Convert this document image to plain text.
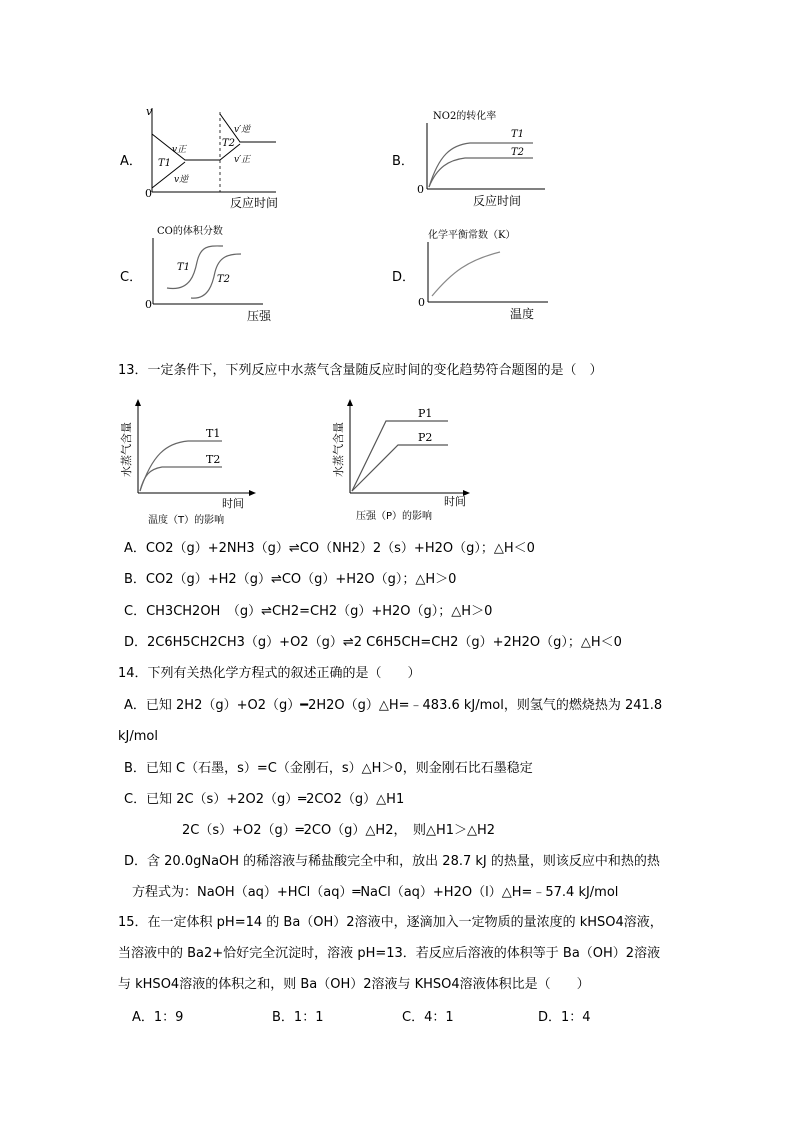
A．	B．
C．	D．
v
0
反应时间
v正
v逆
T1
T2
v′逆
v′正
NO2的转化率
0
反应时间
T1
T2
CO的体积分数
0
压强
T1
T2
化学平衡常数（K）
0
温度
13．一定条件下，下列反应中水蒸气含量随反应时间的变化趋势符合题图的是（　）
水蒸气含量
时间
T1
T2
温度（T）的影响
水蒸气含量
时间
P1
P2
压强（P）的影响
A．CO2（g）+2NH3（g）⇌CO（NH2）2（s）+H2O（g）；△H＜0
B．CO2（g）+H2（g）⇌CO（g）+H2O（g）；△H＞0
C．CH3CH2OH　（g）⇌CH2=CH2（g）+H2O（g）；△H＞0
D．2C6H5CH2CH3（g）+O2（g）⇌2 C6H5CH=CH2（g）+2H2O（g）；△H＜0
14．下列有关热化学方程式的叙述正确的是（　　）
A．已知 2H2（g）+O2（g）━2H2O（g）△H=﹣483.6 kJ/mol，则氢气的燃烧热为 241.8
kJ/mol
B．已知 C（石墨，s）=C（金刚石，s）△H＞0，则金刚石比石墨稳定
C．已知 2C（s）+2O2（g）═2CO2（g）△H1
2C（s）+O2（g）═2CO（g）△H2，　则△H1＞△H2
D．含 20.0gNaOH 的稀溶液与稀盐酸完全中和，放出 28.7 kJ 的热量，则该反应中和热的热
方程式为：NaOH（aq）+HCl（aq）═NaCl（aq）+H2O（l）△H=﹣57.4 kJ/mol
15．在一定体积 pH=14 的 Ba（OH）2溶液中，逐滴加入一定物质的量浓度的 kHSO4溶液，
当溶液中的 Ba2+恰好完全沉淀时，溶液 pH=13．若反应后溶液的体积等于 Ba（OH）2溶液
与 kHSO4溶液的体积之和，则 Ba（OH）2溶液与 KHSO4溶液体积比是（　　）
A．1：9	B．1：1	C．4：1	D．1：4
